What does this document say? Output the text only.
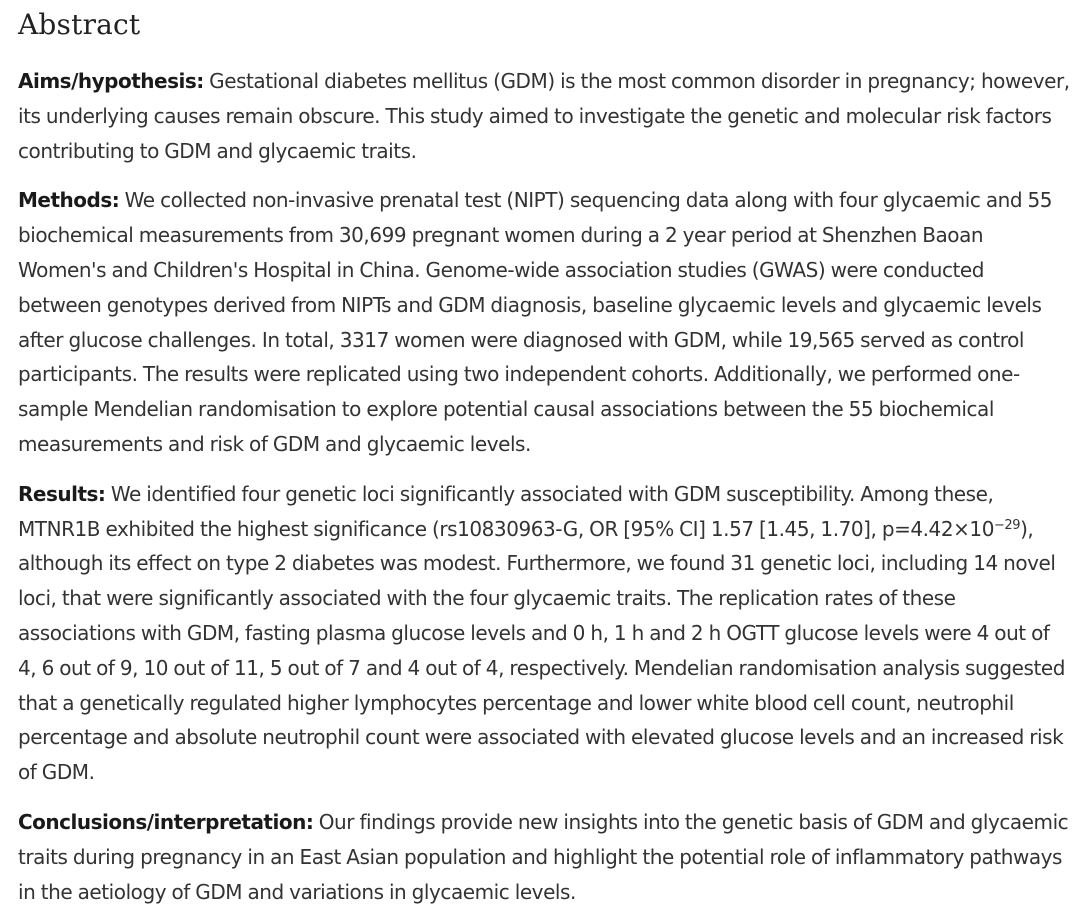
Abstract

Aims/hypothesis: Gestational diabetes mellitus (GDM) is the most common disorder in pregnancy; however, its underlying causes remain obscure. This study aimed to investigate the genetic and molecular risk factors contributing to GDM and glycaemic traits.

Methods: We collected non-invasive prenatal test (NIPT) sequencing data along with four glycaemic and 55 biochemical measurements from 30,699 pregnant women during a 2 year period at Shenzhen Baoan Women's and Children's Hospital in China. Genome-wide association studies (GWAS) were conducted between genotypes derived from NIPTs and GDM diagnosis, baseline glycaemic levels and glycaemic levels after glucose challenges. In total, 3317 women were diagnosed with GDM, while 19,565 served as control participants. The results were replicated using two independent cohorts. Additionally, we performed one-sample Mendelian randomisation to explore potential causal associations between the 55 biochemical measurements and risk of GDM and glycaemic levels.

Results: We identified four genetic loci significantly associated with GDM susceptibility. Among these, MTNR1B exhibited the highest significance (rs10830963-G, OR [95% CI] 1.57 [1.45, 1.70], $p=4.42\times 10^{-29}$), although its effect on type 2 diabetes was modest. Furthermore, we found 31 genetic loci, including 14 novel loci, that were significantly associated with the four glycaemic traits. The replication rates of these associations with GDM, fasting plasma glucose levels and 0 h, 1 h and 2 h OGTT glucose levels were 4 out of 4, 6 out of 9, 10 out of 11, 5 out of 7 and 4 out of 4, respectively. Mendelian randomisation analysis suggested that a genetically regulated higher lymphocytes percentage and lower white blood cell count, neutrophil percentage and absolute neutrophil count were associated with elevated glucose levels and an increased risk of GDM.

Conclusions/interpretation: Our findings provide new insights into the genetic basis of GDM and glycaemic traits during pregnancy in an East Asian population and highlight the potential role of inflammatory pathways in the aetiology of GDM and variations in glycaemic levels.
